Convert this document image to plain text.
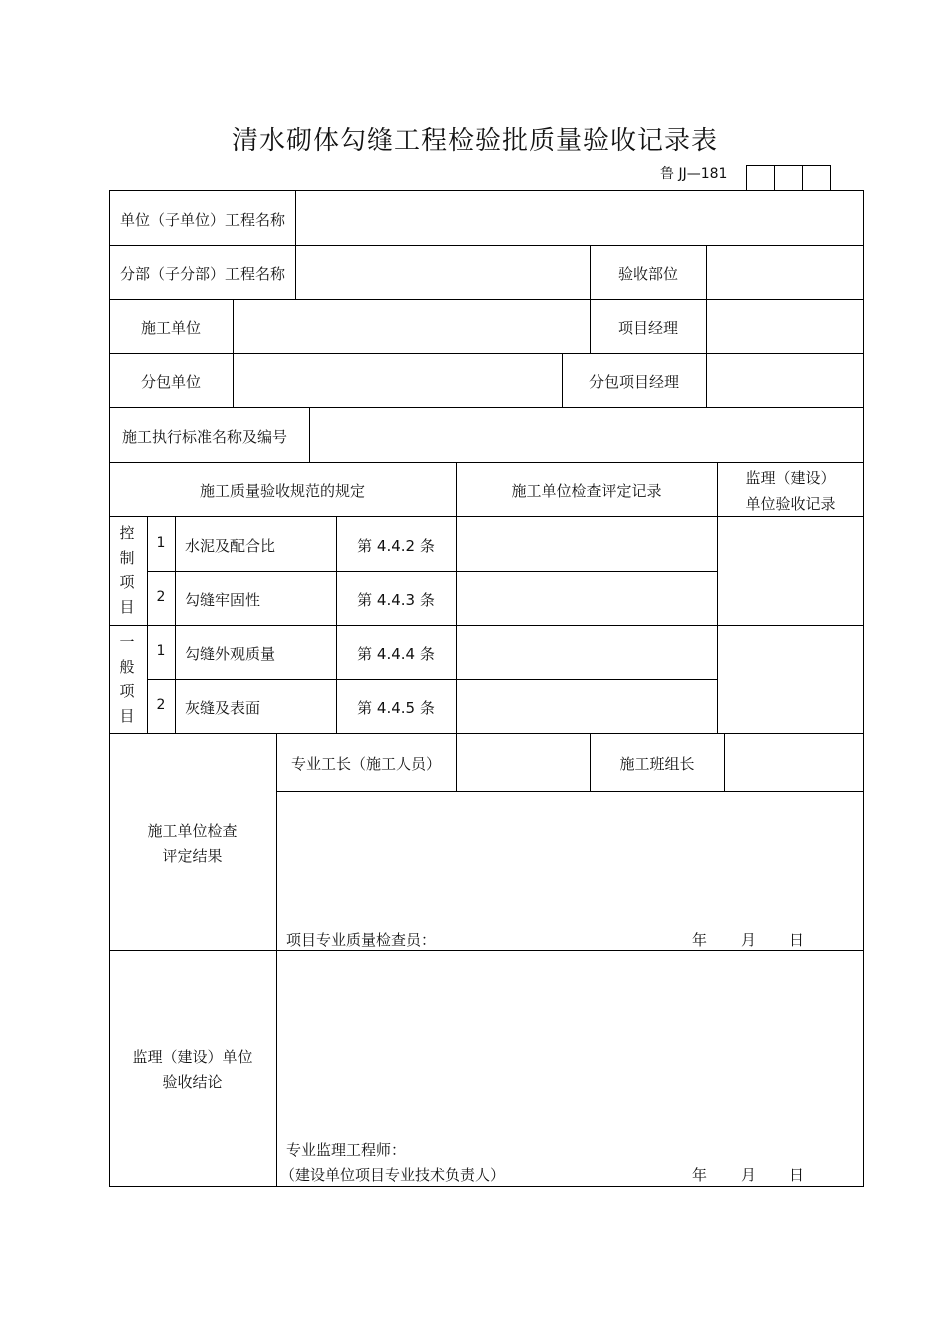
清水砌体勾缝工程检验批质量验收记录表
鲁 JJ—181
单位（子单位）工程名称
分部（子分部）工程名称	验收部位
施工单位	项目经理
分包单位	分包项目经理
施工执行标准名称及编号
施工质量验收规范的规定	施工单位检查评定记录
监理（建设）
单位验收记录
控
制
项
目
一
般
项
目
1	水泥及配合比	第 4.4.2 条
2	勾缝牢固性	第 4.4.3 条
1	勾缝外观质量	第 4.4.4 条
2	灰缝及表面	第 4.4.5 条
专业工长（施工人员）	施工班组长
施工单位检查
评定结果
项目专业质量检查员：	年 月 日
监理（建设）单位
验收结论
专业监理工程师：
（建设单位项目专业技术负责人）	年 月 日
